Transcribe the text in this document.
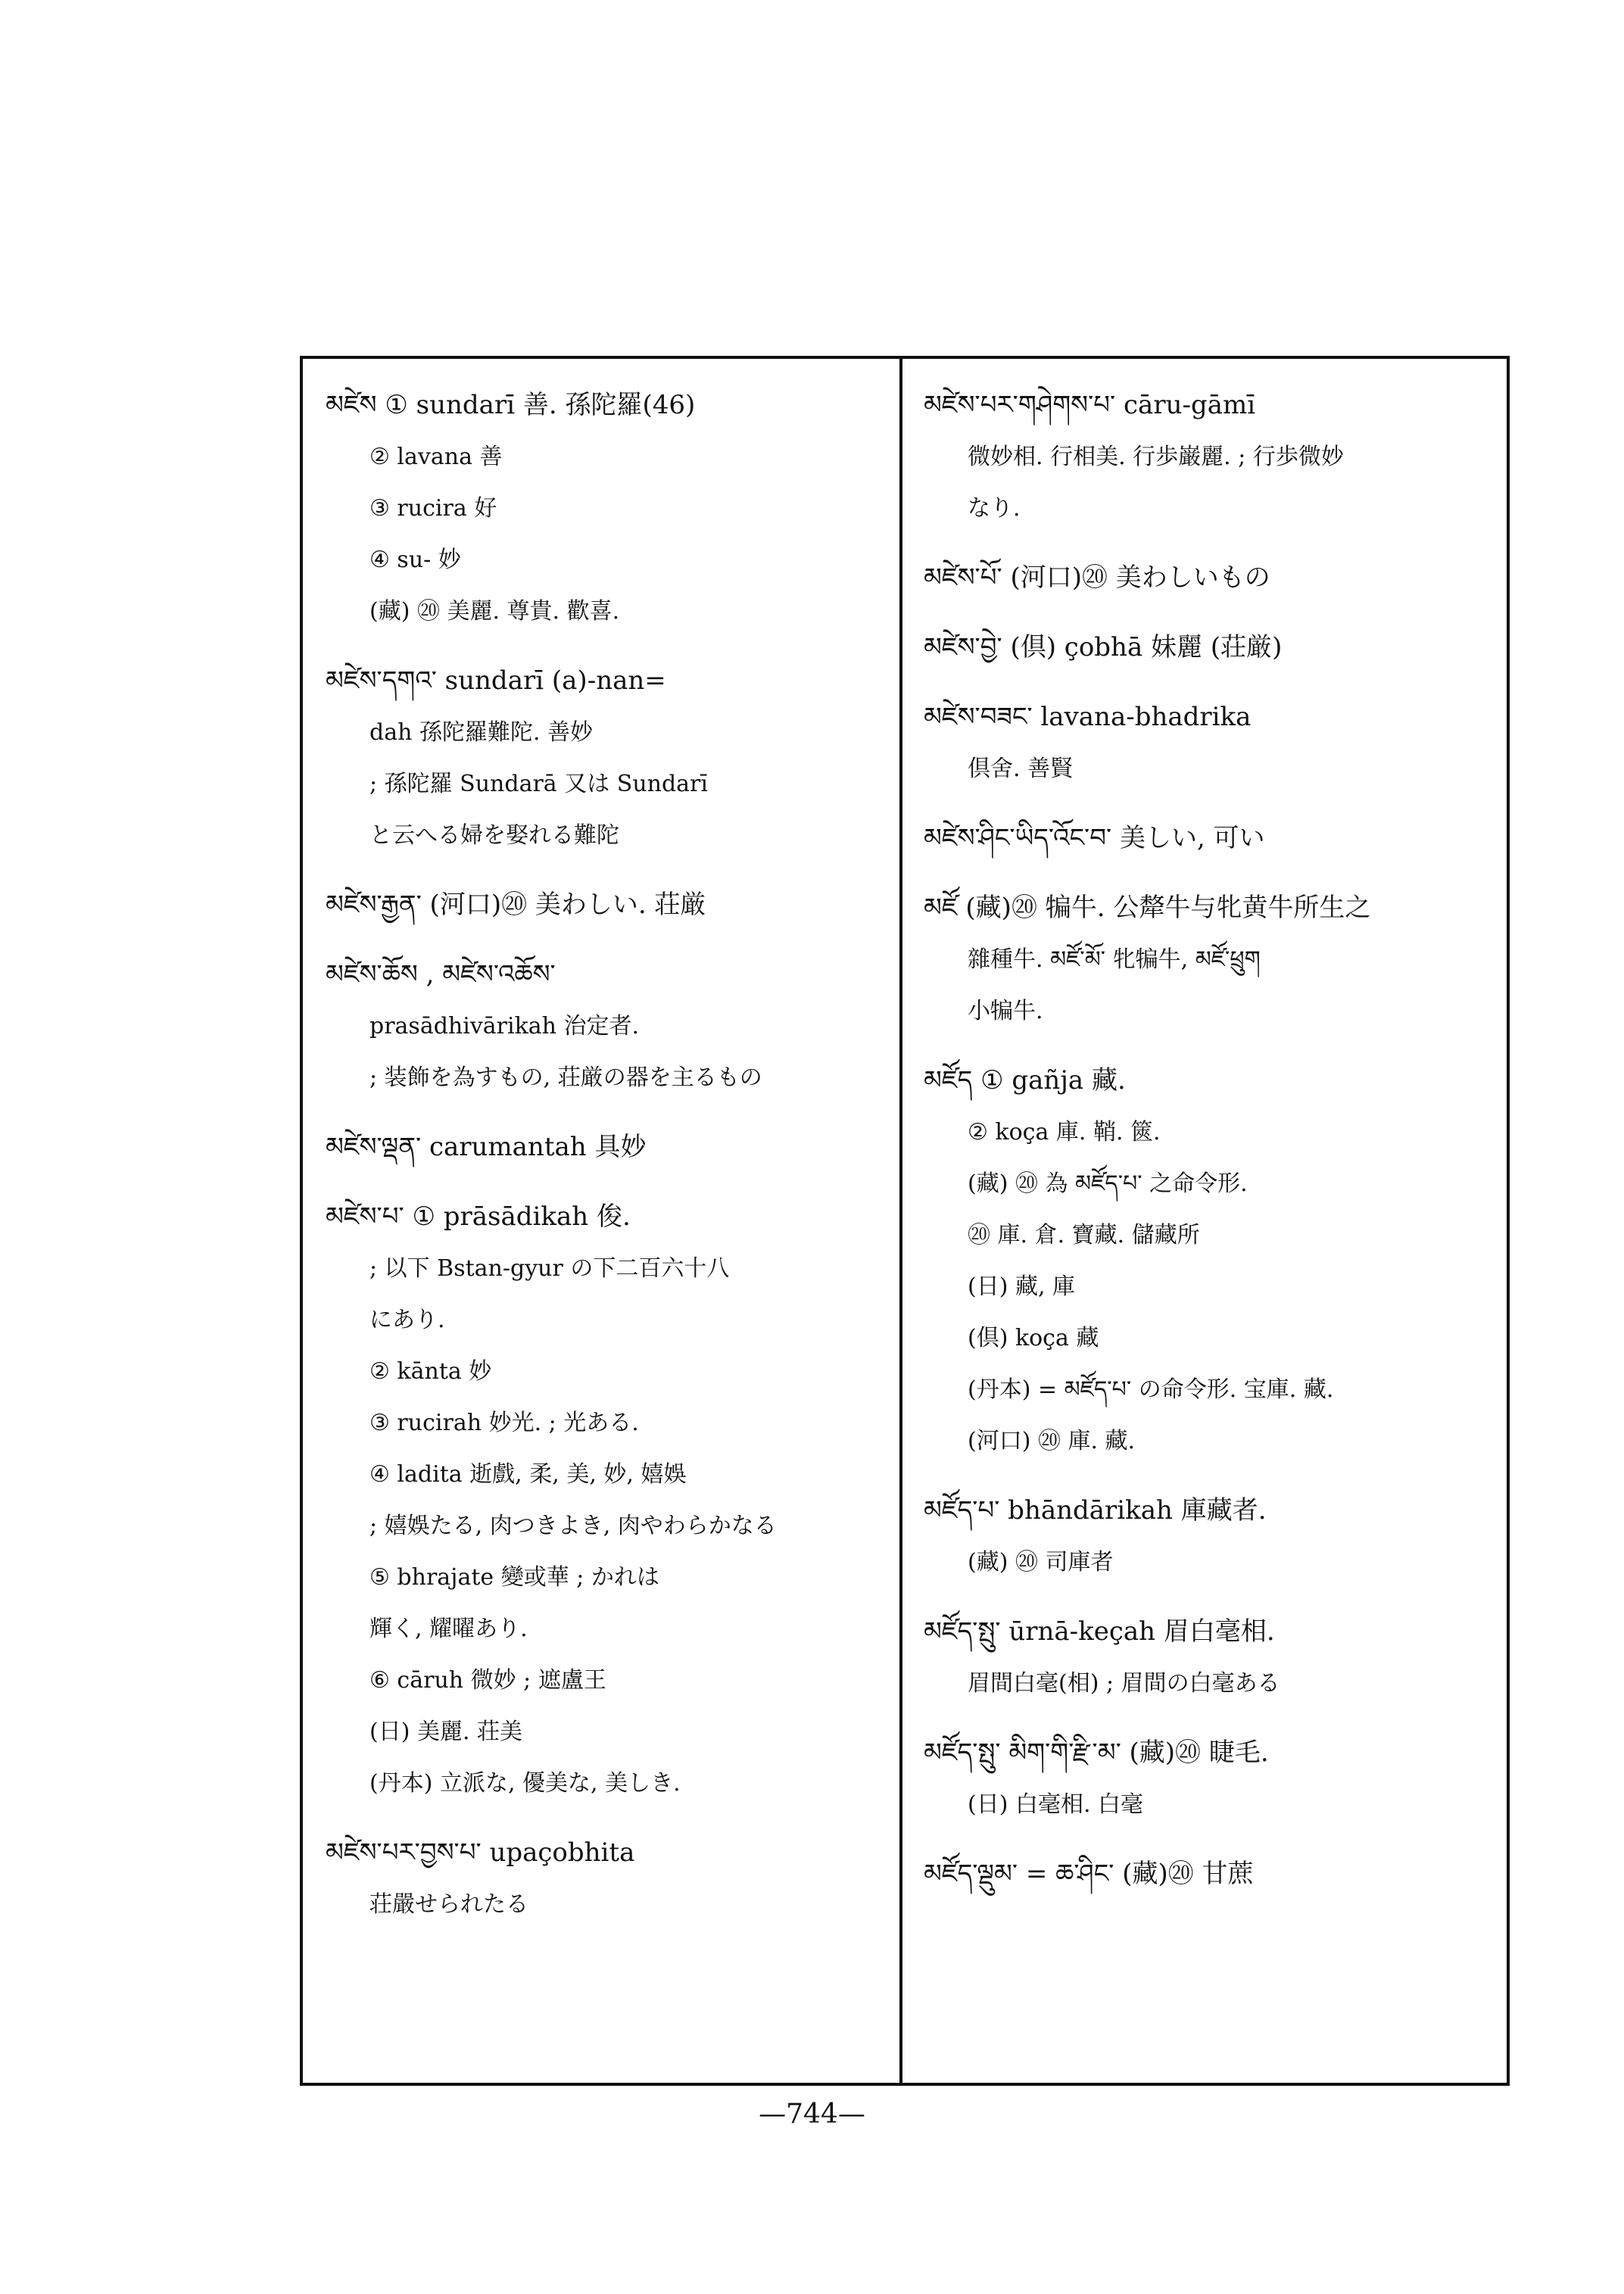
མཛེས ① sundarī 善. 孫陀羅(46)
② lavana 善
③ rucira 好
④ su- 妙
(藏) ⑳ 美麗. 尊貴. 歡喜.
མཛེས་དགའ་ sundarī (a)-nan=
dah 孫陀羅難陀. 善妙
; 孫陀羅 Sundarā 又は Sundarī
と云へる婦を娶れる難陀
མཛེས་རྒྱན་ (河口)⑳ 美わしい. 荘厳
མཛེས་ཆོས , མཛེས་འཆོས་
prasādhivārikah 治定者.
; 装飾を為すもの, 荘厳の器を主るもの
མཛེས་ལྡན་ carumantah 具妙
མཛེས་པ་ ① prāsādikah 俊.
; 以下 Bstan-gyur の下二百六十八
にあり.
② kānta 妙
③ rucirah 妙光. ; 光ある.
④ ladita 逝戲, 柔, 美, 妙, 嬉娛
; 嬉娛たる, 肉つきよき, 肉やわらかなる
⑤ bhrajate 變或華 ; かれは
輝く, 耀曜あり.
⑥ cāruh 微妙 ; 遮盧王
(日) 美麗. 荘美
(丹本) 立派な, 優美な, 美しき.
མཛེས་པར་བྱས་པ་ upaçobhita
荘嚴せられたる
མཛེས་པར་གཤེགས་པ་ cāru-gāmī
微妙相. 行相美. 行歩巌麗. ; 行歩微妙
なり.
མཛེས་པོ་ (河口)⑳ 美わしいもの
མཛེས་བྱེ་ (倶) çobhā 妹麗 (荘厳)
མཛེས་བཟང་ lavana-bhadrika
倶舍. 善賢
མཛེས་ཤིང་ཡིད་འོང་བ་ 美しい, 可い
མཛོ (藏)⑳ 犏牛. 公犛牛与牝黄牛所生之
雜種牛. མཛོ་མོ་ 牝犏牛, མཛོ་ཕྲུག
小犏牛.
མཛོད ① gañja 藏.
② koça 庫. 鞘. 篋.
(藏) ⑳ 為 མཛོད་པ་ 之命令形.
⑳ 庫. 倉. 寶藏. 儲藏所
(日) 藏, 庫
(倶) koça 藏
(丹本) = མཛོད་པ་ の命令形. 宝庫. 藏.
(河口) ⑳ 庫. 藏.
མཛོད་པ་ bhāndārikah 庫藏者.
(藏) ⑳ 司庫者
མཛོད་སྤུ་ ūrnā-keçah 眉白毫相.
眉間白毫(相) ; 眉間の白毫ある
མཛོད་སྤུ་ མིག་གི་རྫི་མ་ (藏)⑳ 睫毛.
(日) 白毫相. 白毫
མཛོད་ལྡུམ་ = ཆ་ཤིང་ (藏)⑳ 甘蔗
—744—
